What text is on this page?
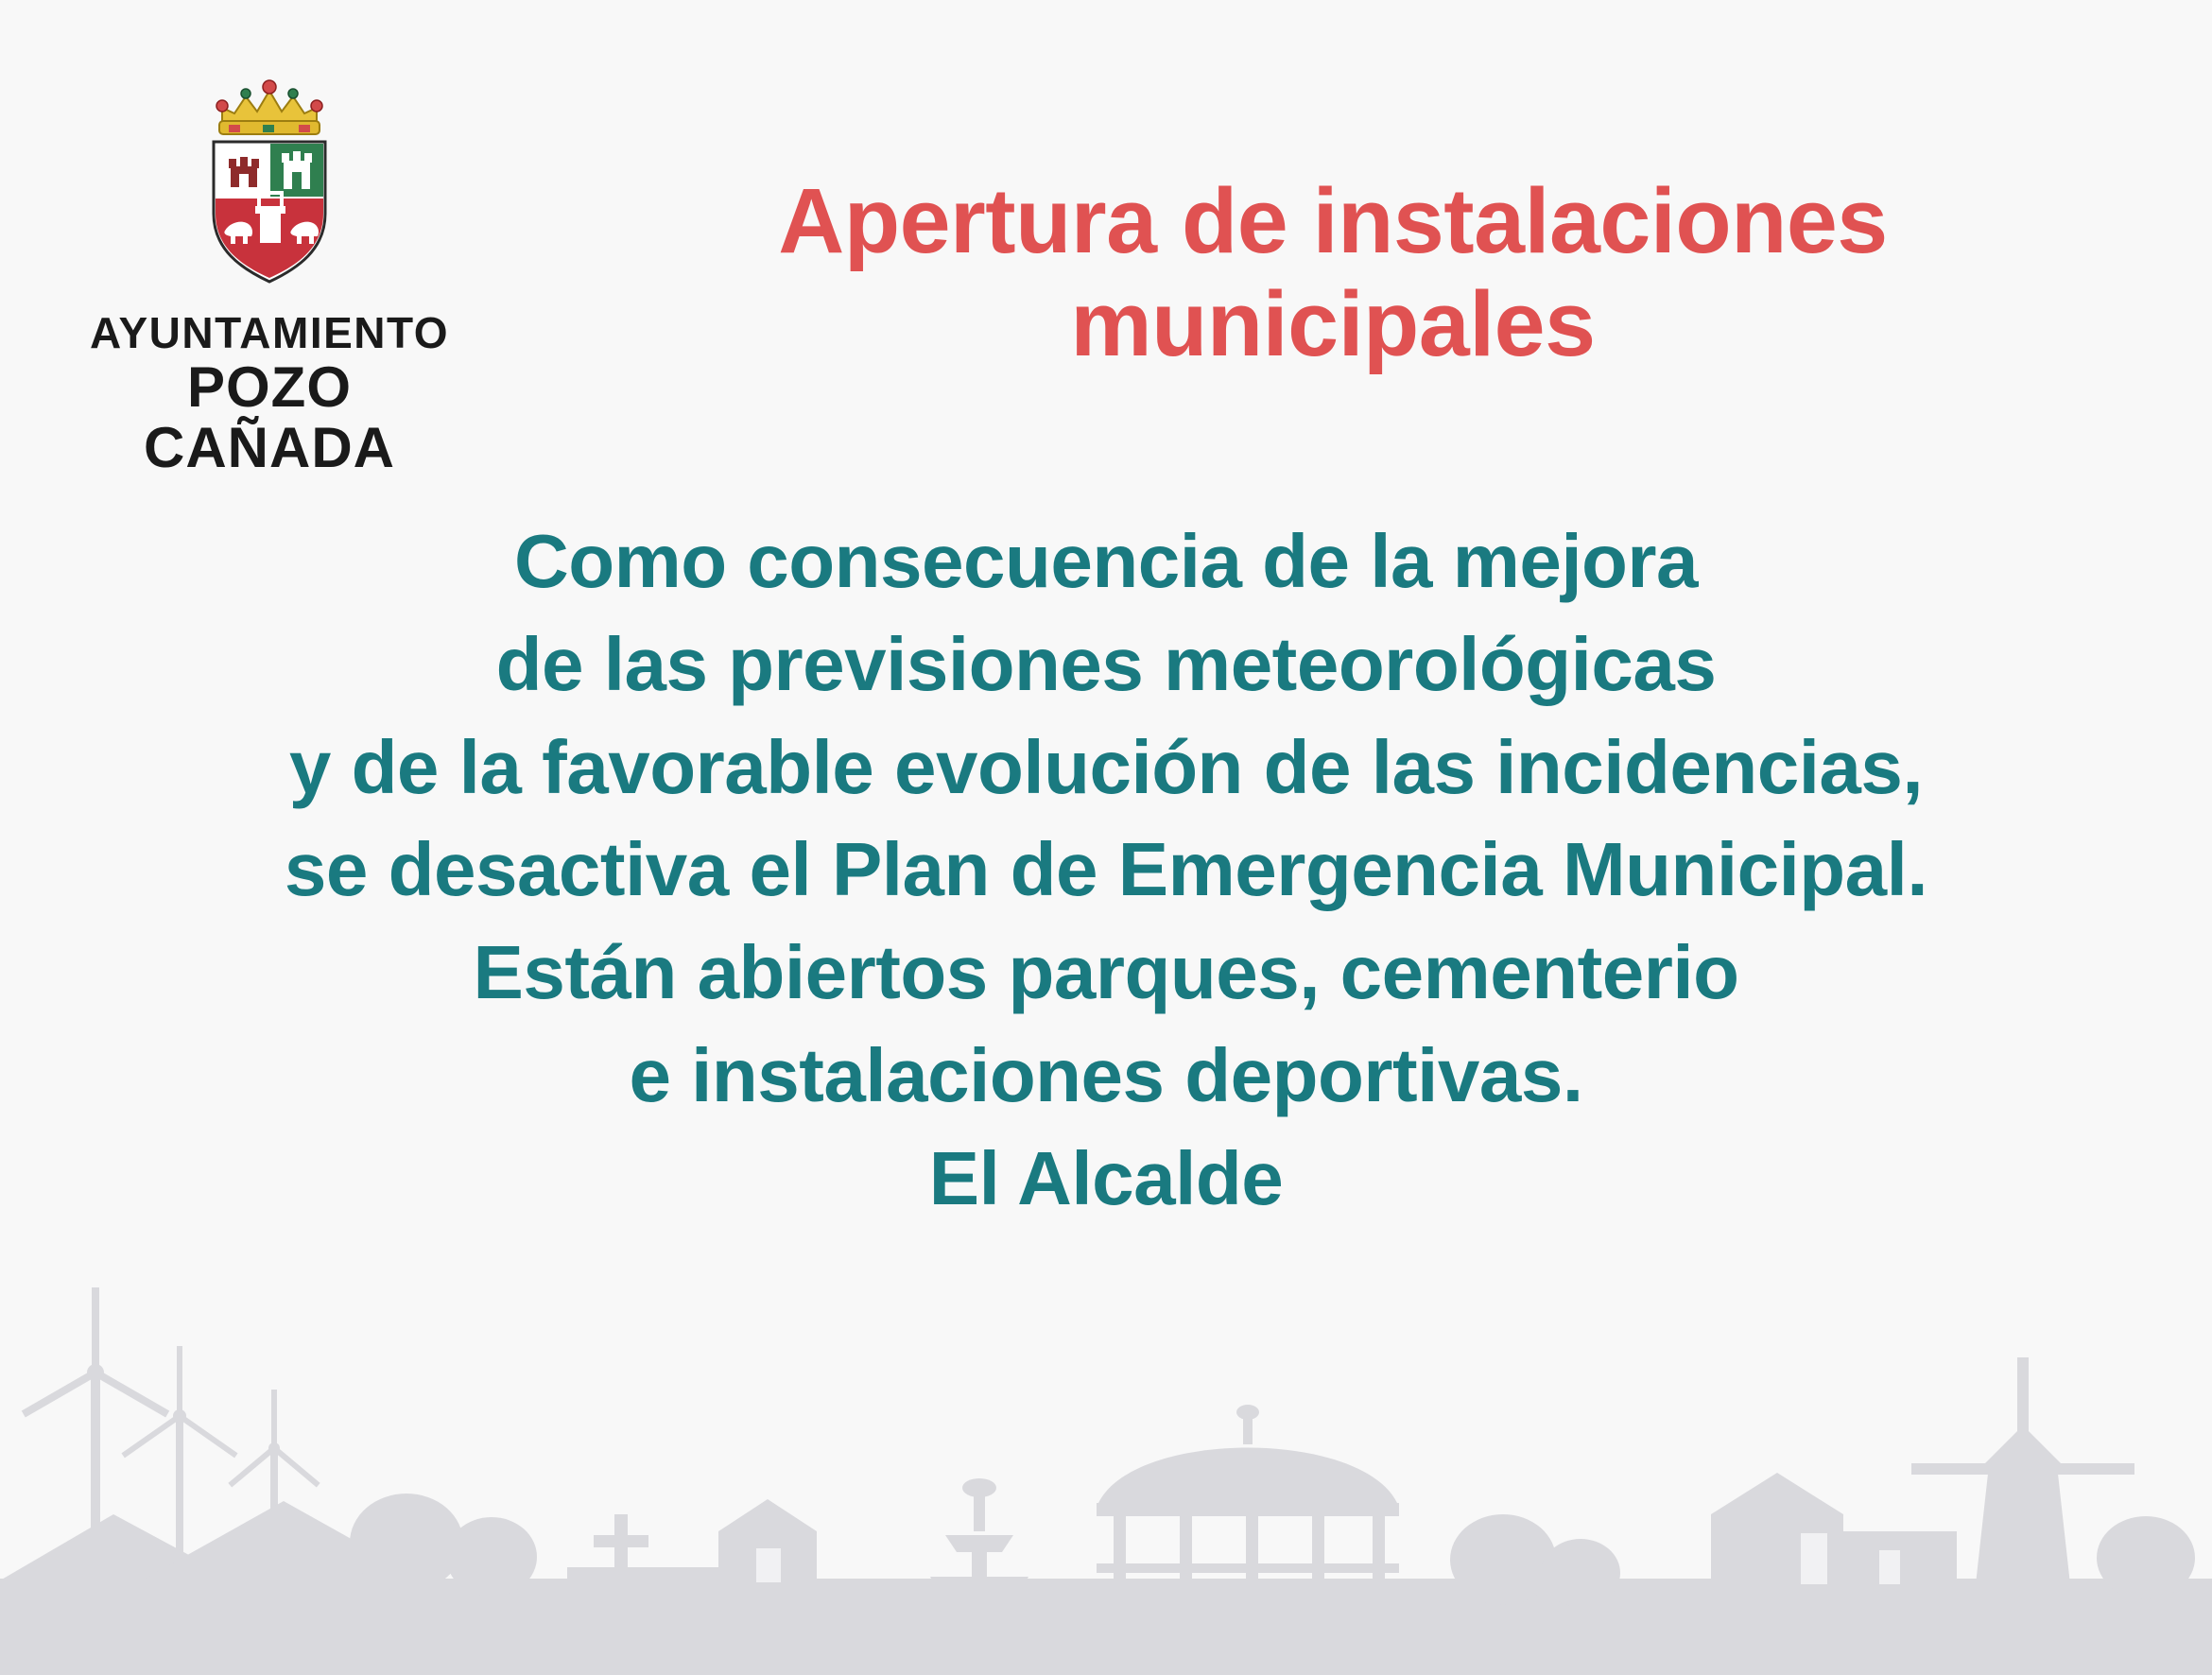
AYUNTAMIENTO
POZO CAÑADA
Apertura de instalaciones municipales
Como consecuencia de la mejora
de las previsiones meteorológicas
y de la favorable evolución de las incidencias,
se desactiva el Plan de Emergencia Municipal.
Están abiertos parques, cementerio
e instalaciones deportivas.
El Alcalde
